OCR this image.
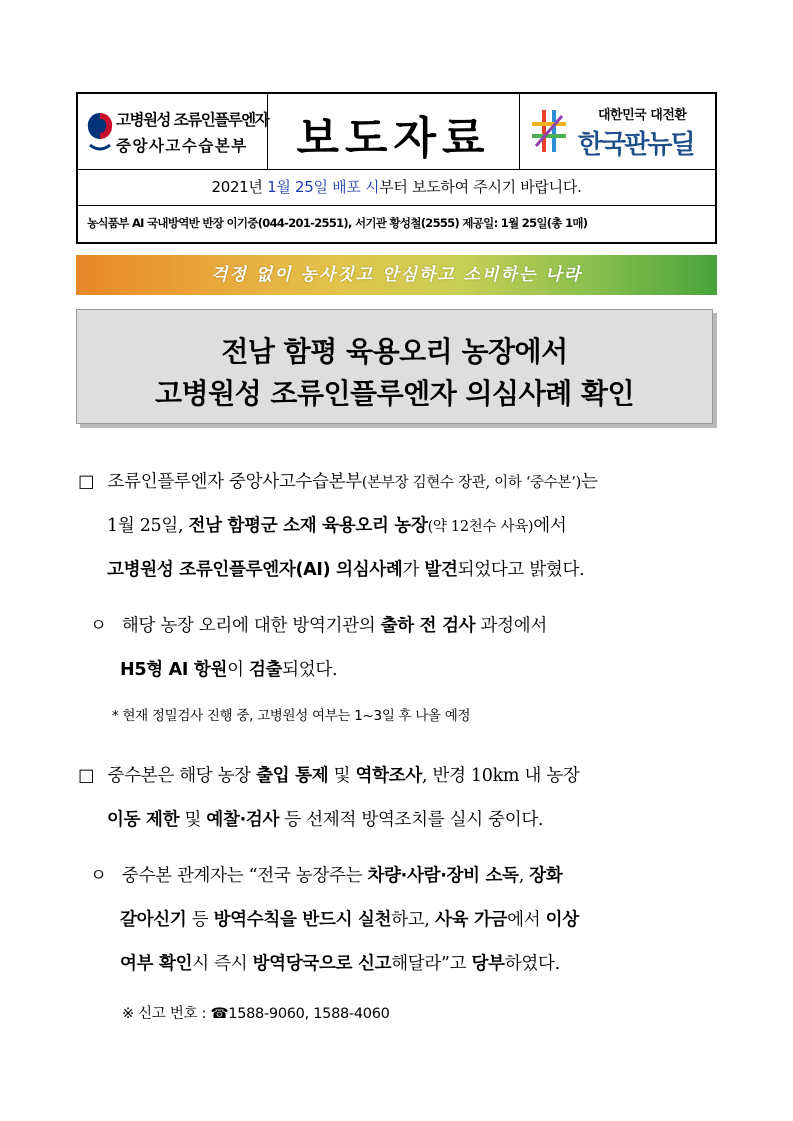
고병원성 조류인플루엔자
중앙사고수습본부	보도자료	대한민국 대전환
한국판뉴딜
2021년 1월 25일 배포 시부터 보도하여 주시기 바랍니다.
농식품부 AI 국내방역반 반장 이기중(044-201-2551), 서기관 황성철(2555) 제공일: 1월 25일(총 1매)
걱정 없이 농사짓고 안심하고 소비하는 나라
전남 함평 육용오리 농장에서
고병원성 조류인플루엔자 의심사례 확인
□ 조류인플루엔자 중앙사고수습본부(본부장 김현수 장관, 이하 ‘중수본’)는
1월 25일, 전남 함평군 소재 육용오리 농장(약 12천수 사육)에서
고병원성 조류인플루엔자(AI) 의심사례가 발견되었다고 밝혔다.
ㅇ 해당 농장 오리에 대한 방역기관의 출하 전 검사 과정에서
H5형 AI 항원이 검출되었다.
* 현재 정밀검사 진행 중, 고병원성 여부는 1~3일 후 나올 예정
□ 중수본은 해당 농장 출입 통제 및 역학조사, 반경 10km 내 농장
이동 제한 및 예찰·검사 등 선제적 방역조치를 실시 중이다.
ㅇ 중수본 관계자는 “전국 농장주는 차량·사람·장비 소독, 장화
갈아신기 등 방역수칙을 반드시 실천하고, 사육 가금에서 이상
여부 확인시 즉시 방역당국으로 신고해달라”고 당부하였다.
※ 신고 번호 : ☎1588-9060, 1588-4060
